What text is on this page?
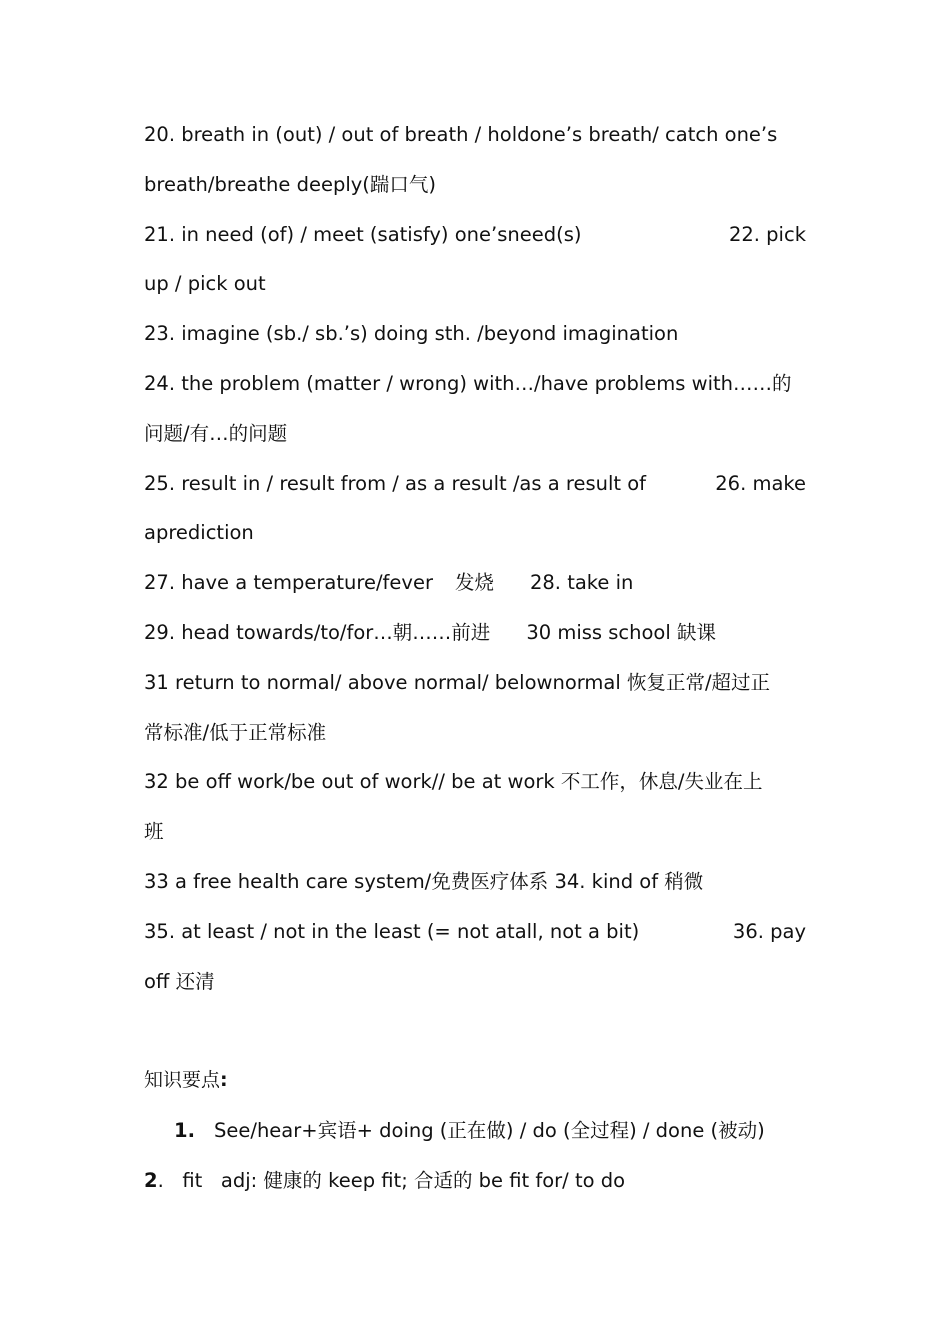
20. breath in (out) / out of breath / holdone’s breath/ catch one’s

breath/breathe deeply(踹口气)

21. in need (of) / meet (satisfy) one’sneed(s)	22. pick

up / pick out

23. imagine (sb./ sb.’s) doing sth. /beyond imagination

24. the problem (matter / wrong) with…/have problems with……的

问题/有…的问题

25. result in / result from / as a result /as a result of	26. make

aprediction

27. have a temperature/fever 发烧 28. take in

29. head towards/to/for…朝……前进 30 miss school 缺课

31 return to normal/ above normal/ belownormal 恢复正常/超过正

常标准/低于正常标准

32 be off work/be out of work// be at work 不工作，休息/失业在上

班

33 a free health care system/免费医疗体系 34. kind of 稍微

35. at least / not in the least (= not atall, not a bit)	36. pay

off 还清

知识要点:

1. See/hear+宾语+ doing (正在做) / do (全过程) / done (被动)
2.   fit   adj: 健康的 keep fit; 合适的 be fit for/ to do
